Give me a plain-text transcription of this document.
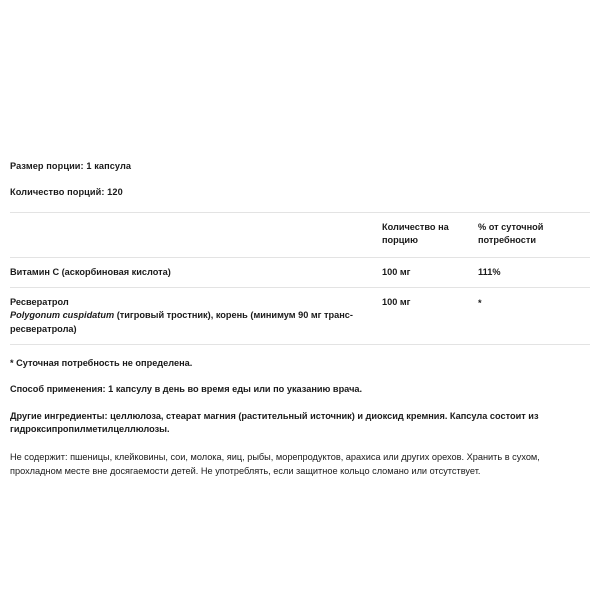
Размер порции: 1 капсула

Количество порций: 120

	Количество на порцию	% от суточной потребности
Витамин С (аскорбиновая кислота)	100 мг	111%
Ресвератрол
Polygonum cuspidatum (тигровый тростник), корень (минимум 90 мг транс-ресвератрола)	100 мг	*

* Суточная потребность не определена.

Способ применения: 1 капсулу в день во время еды или по указанию врача.

Другие ингредиенты: целлюлоза, стеарат магния (растительный источник) и диоксид кремния. Капсула состоит из гидроксипропилметилцеллюлозы.

Не содержит: пшеницы, клейковины, сои, молока, яиц, рыбы, морепродуктов, арахиса или других орехов. Хранить в сухом, прохладном месте вне досягаемости детей. Не употреблять, если защитное кольцо сломано или отсутствует.
